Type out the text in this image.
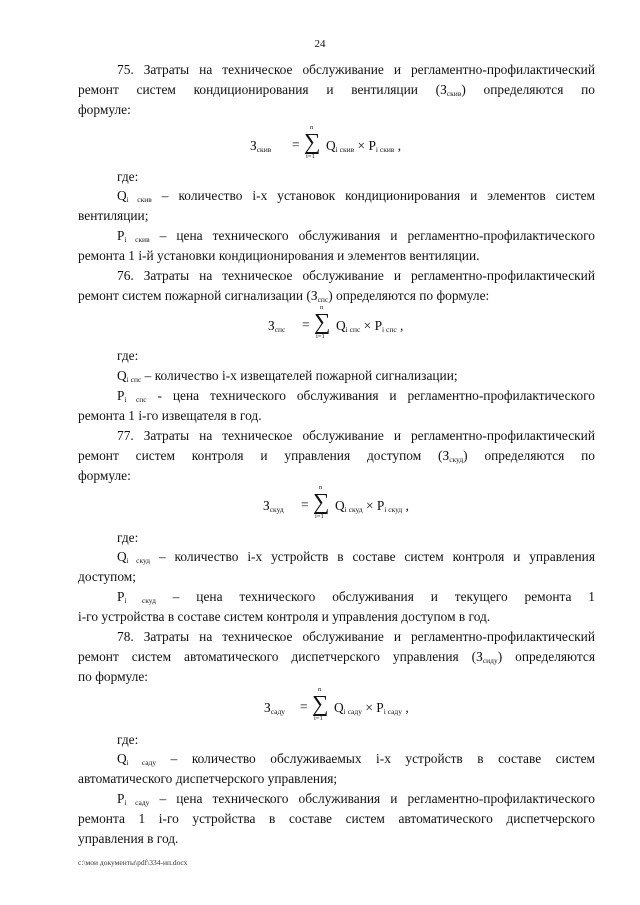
24

75. Затраты на техническое обслуживание и регламентно-профилактический

ремонт систем кондиционирования и вентиляции $(З_{скив})$ определяются по

формуле:

$З_{скив}$ =
n
∑
i=1
$Q_{i скив} \times P_{i скив}$ ,

где:

$Q_{i скив}$ – количество i-х установок кондиционирования и элементов систем

вентиляции;

$P_{i скив}$ – цена технического обслуживания и регламентно-профилактического

ремонта 1 i-й установки кондиционирования и элементов вентиляции.

76. Затраты на техническое обслуживание и регламентно-профилактический

ремонт систем пожарной сигнализации $(З_{спс})$ определяются по формуле:

$З_{спс}$ =
n
∑
i=1
$Q_{i спс} \times P_{i спс}$ ,

где:

$Q_{i спс}$ – количество i-х извещателей пожарной сигнализации;

$P_{i спс}$ - цена технического обслуживания и регламентно-профилактического

ремонта 1 i-го извещателя в год.

77. Затраты на техническое обслуживание и регламентно-профилактический

ремонт систем контроля и управления доступом $(З_{скуд})$ определяются по

формуле:

$З_{скуд}$ =
n
∑
i=1
$Q_{i скуд} \times P_{i скуд}$ ,

где:

$Q_{i скуд}$ – количество i-х устройств в составе систем контроля и управления

доступом;

$P_{i скуд}$ – цена технического обслуживания и текущего ремонта 1

i-го устройства в составе систем контроля и управления доступом в год.

78. Затраты на техническое обслуживание и регламентно-профилактический

ремонт систем автоматического диспетчерского управления $(З_{сиду})$ определяются

по формуле:

$З_{саду}$ =
n
∑
i=1
$Q_{i саду} \times P_{i саду}$ ,

где:

$Q_{i саду}$ – количество обслуживаемых i-х устройств в составе систем

автоматического диспетчерского управления;

$P_{i саду}$ – цена технического обслуживания и регламентно-профилактического

ремонта 1 i-го устройства в составе систем автоматического диспетчерского

управления в год.

c:\мои документы\pdf\334-ип.docx
